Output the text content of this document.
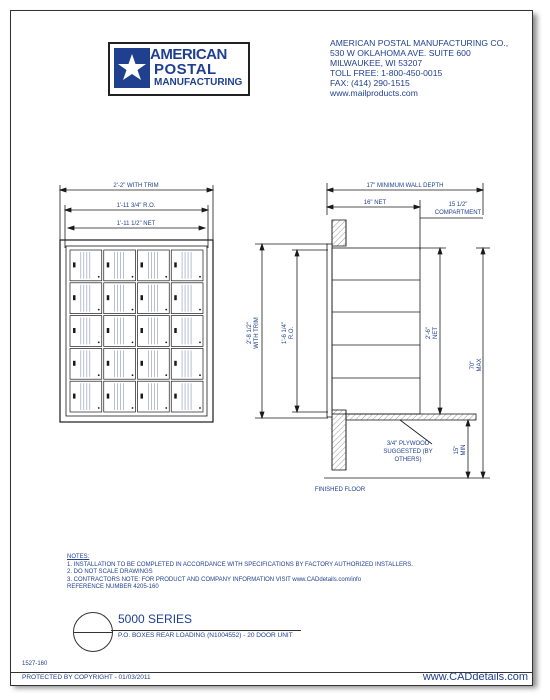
AMERICAN
POSTAL
MANUFACTURING
AMERICAN POSTAL MANUFACTURING CO.,
530 W OKLAHOMA AVE. SUITE 600
MILWAUKEE, WI 53207
TOLL FREE: 1-800-450-0015
FAX: (414) 290-1515
www.mailproducts.com
2'-2" WITH TRIM
1'-11 3/4" R.O.
1'-11 1/2" NET
17" MINIMUM WALL DEPTH
16" NET	15 1/2"
COMPARTMENT
2'-8 1/2" WITH TRIM	1'-6 1/4" R.O.	2'-6" NET
70" MAX
15" MIN
3/4" PLYWOOD
SUGGESTED (BY
OTHERS)
FINISHED FLOOR
NOTES:
1. INSTALLATION TO BE COMPLETED IN ACCORDANCE WITH SPECIFICATIONS BY FACTORY AUTHORIZED INSTALLERS.
2. DO NOT SCALE DRAWINGS
3. CONTRACTORS NOTE: FOR PRODUCT AND COMPANY INFORMATION VISIT www.CADdetails.com/info
REFERENCE NUMBER 4205-160
5000 SERIES
P.O. BOXES REAR LOADING (N1004552) - 20 DOOR UNIT
1527-160
PROTECTED BY COPYRIGHT - 01/03/2011	www.CADdetails.com
